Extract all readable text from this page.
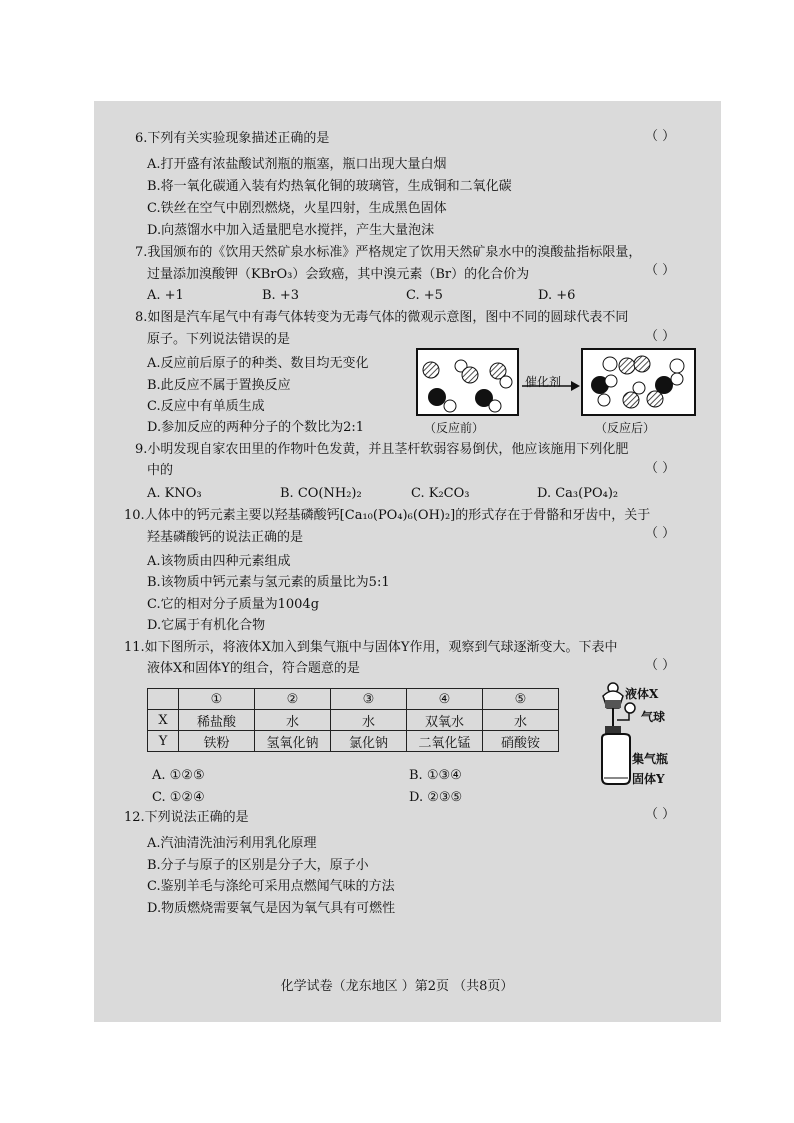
6.下列有关实验现象描述正确的是	（ ）
A.打开盛有浓盐酸试剂瓶的瓶塞，瓶口出现大量白烟
B.将一氧化碳通入装有灼热氧化铜的玻璃管，生成铜和二氧化碳
C.铁丝在空气中剧烈燃烧，火星四射，生成黑色固体
D.向蒸馏水中加入适量肥皂水搅拌，产生大量泡沫
7.我国颁布的《饮用天然矿泉水标准》严格规定了饮用天然矿泉水中的溴酸盐指标限量，
过量添加溴酸钾（KBrO₃）会致癌，其中溴元素（Br）的化合价为	（ ）
A. +1	B. +3	C. +5	D. +6
8.如图是汽车尾气中有毒气体转变为无毒气体的微观示意图，图中不同的圆球代表不同
原子。下列说法错误的是	（ ）
A.反应前后原子的种类、数目均无变化
B.此反应不属于置换反应
C.反应中有单质生成
D.参加反应的两种分子的个数比为2:1
催化剂
（反应前）	（反应后）
9.小明发现自家农田里的作物叶色发黄，并且茎杆软弱容易倒伏，他应该施用下列化肥
中的	（ ）
A. KNO₃	B. CO(NH₂)₂	C. K₂CO₃	D. Ca₃(PO₄)₂
10.人体中的钙元素主要以羟基磷酸钙[Ca₁₀(PO₄)₆(OH)₂]的形式存在于骨骼和牙齿中，关于
羟基磷酸钙的说法正确的是	（ ）
A.该物质由四种元素组成
B.该物质中钙元素与氢元素的质量比为5:1
C.它的相对分子质量为1004g
D.它属于有机化合物
11.如下图所示，将液体X加入到集气瓶中与固体Y作用，观察到气球逐渐变大。下表中
液体X和固体Y的组合，符合题意的是	（ ）
	①	②	③	④	⑤
X	稀盐酸	水	水	双氧水	水
Y	铁粉	氢氧化钠	氯化钠	二氧化锰	硝酸铵
A. ①②⑤	B. ①③④
C. ①②④	D. ②③⑤
液体X
气球
集气瓶
固体Y
12.下列说法正确的是	（ ）
A.汽油清洗油污利用乳化原理
B.分子与原子的区别是分子大，原子小
C.鉴别羊毛与涤纶可采用点燃闻气味的方法
D.物质燃烧需要氧气是因为氧气具有可燃性
化学试卷（龙东地区 ）第2页 （共8页）
